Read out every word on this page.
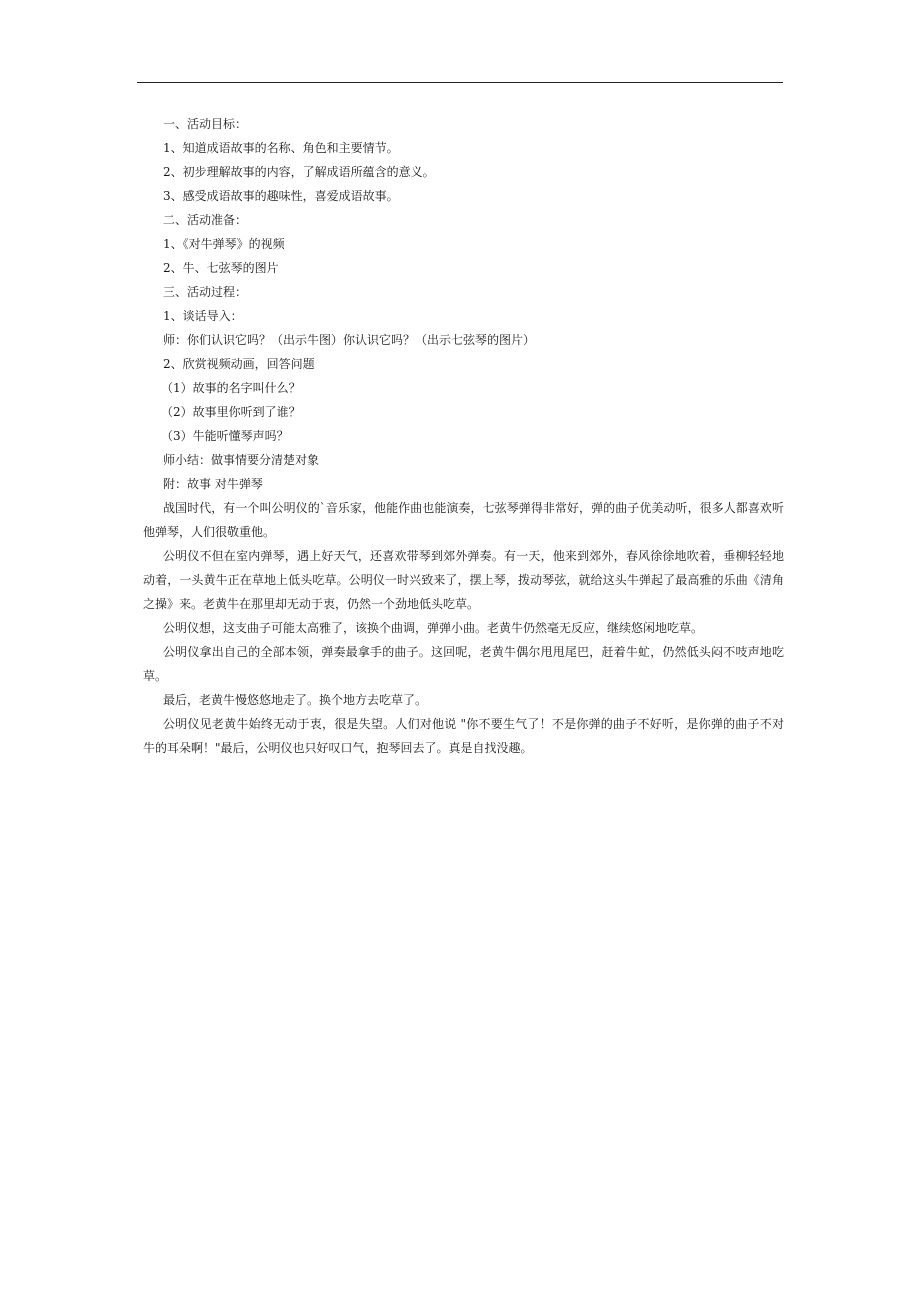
一、活动目标：

1、知道成语故事的名称、角色和主要情节。

2、初步理解故事的内容，了解成语所蕴含的意义。

3、感受成语故事的趣味性，喜爱成语故事。

二、活动准备：

1、《对牛弹琴》的视频

2、牛、七弦琴的图片

三、活动过程：

1、谈话导入：

师：你们认识它吗？（出示牛图）你认识它吗？（出示七弦琴的图片）

2、欣赏视频动画，回答问题

（1）故事的名字叫什么？

（2）故事里你听到了谁？

（3）牛能听懂琴声吗？

师小结：做事情要分清楚对象

附：故事 对牛弹琴

战国时代，有一个叫公明仪的`音乐家，他能作曲也能演奏，七弦琴弹得非常好，弹的曲子优美动听，很多人都喜欢听他弹琴，人们很敬重他。

公明仪不但在室内弹琴，遇上好天气，还喜欢带琴到郊外弹奏。有一天，他来到郊外，春风徐徐地吹着，垂柳轻轻地动着，一头黄牛正在草地上低头吃草。公明仪一时兴致来了，摆上琴，拨动琴弦，就给这头牛弹起了最高雅的乐曲《清角之操》来。老黄牛在那里却无动于衷，仍然一个劲地低头吃草。

公明仪想，这支曲子可能太高雅了，该换个曲调，弹弹小曲。老黄牛仍然毫无反应，继续悠闲地吃草。

公明仪拿出自己的全部本领，弹奏最拿手的曲子。这回呢，老黄牛偶尔甩甩尾巴，赶着牛虻，仍然低头闷不吱声地吃草。

最后，老黄牛慢悠悠地走了。换个地方去吃草了。

公明仪见老黄牛始终无动于衷，很是失望。人们对他说 "你不要生气了！不是你弹的曲子不好听，是你弹的曲子不对牛的耳朵啊！"最后，公明仪也只好叹口气，抱琴回去了。真是自找没趣。
